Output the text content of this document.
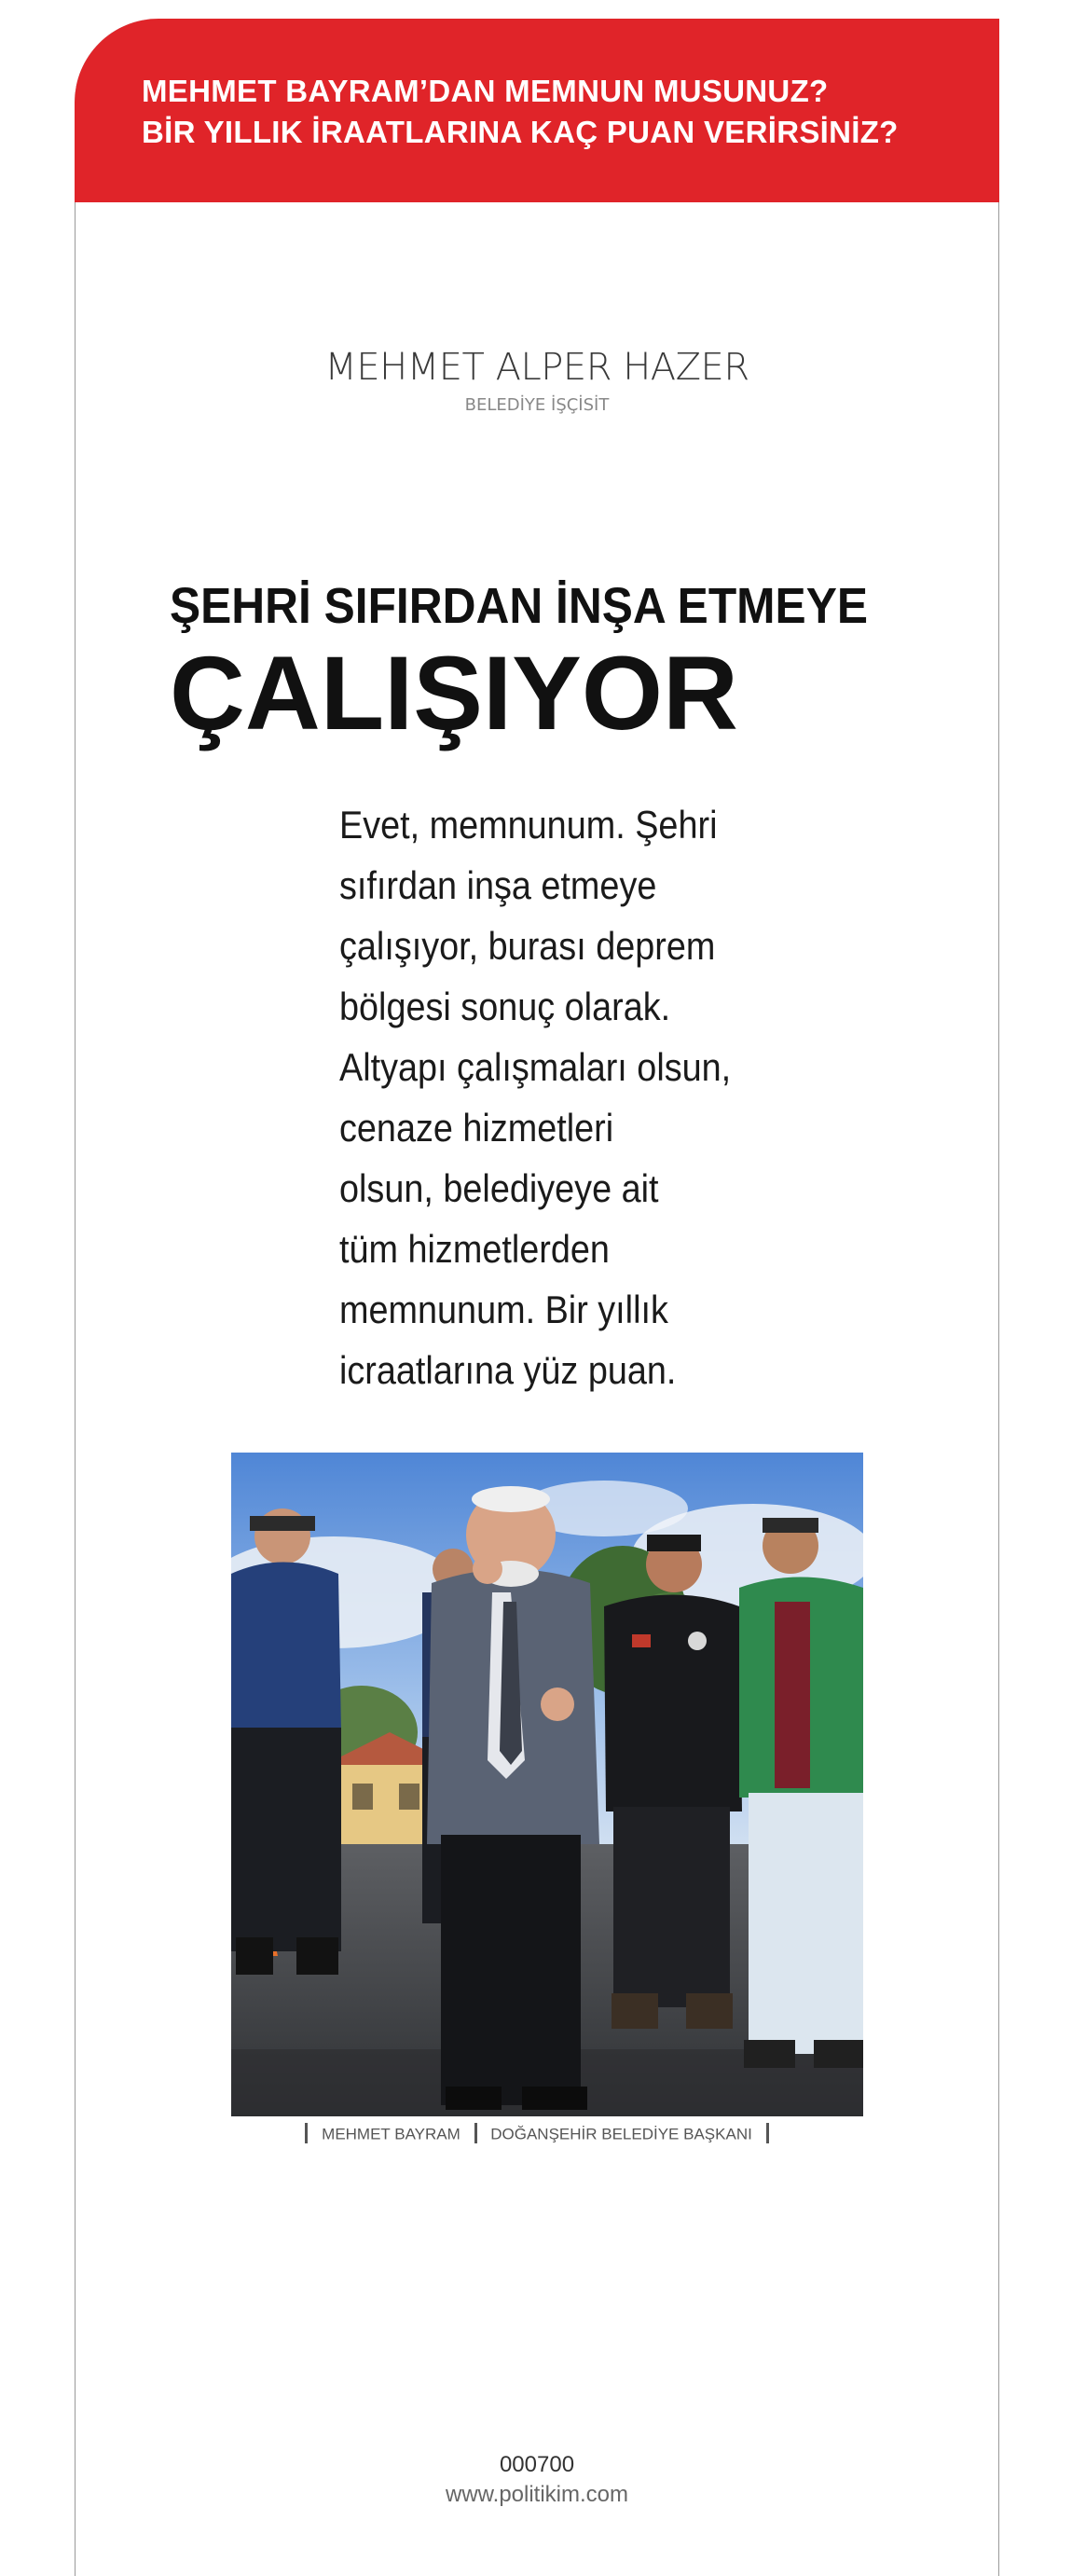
MEHMET BAYRAM’DAN MEMNUN MUSUNUZ?
BİR YILLIK İRAATLARINA KAÇ PUAN VERİRSİNİZ?
MEHMET ALPER HAZER
BELEDİYE İŞÇİSİT
ŞEHRİ SIFIRDAN İNŞA ETMEYE
ÇALIŞIYOR
Evet, memnunum. Şehri
sıfırdan inşa etmeye
çalışıyor, burası deprem
bölgesi sonuç olarak.
Altyapı çalışmaları olsun,
cenaze hizmetleri
olsun, belediyeye ait
tüm hizmetlerden
memnunum. Bir yıllık
icraatlarına yüz puan.
MEHMET BAYRAM DOĞANŞEHİR BELEDİYE BAŞKANI
000700
www.politikim.com
